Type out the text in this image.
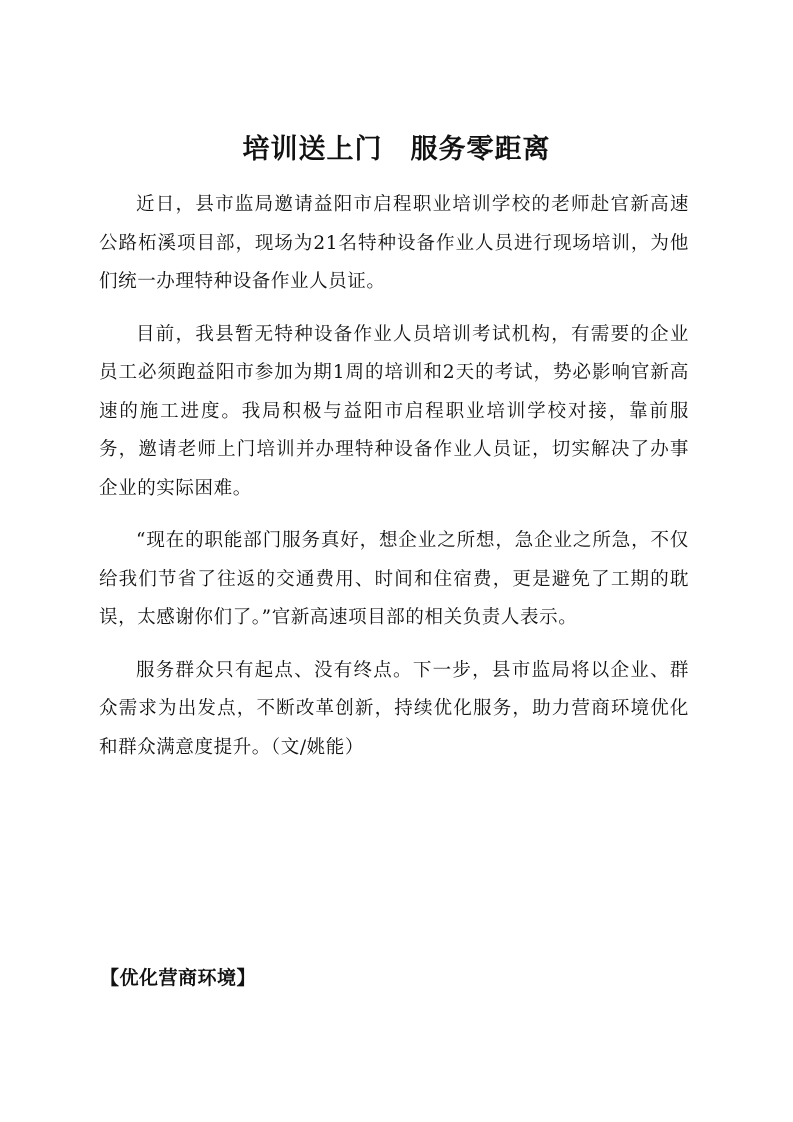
培训送上门　服务零距离

近日，县市监局邀请益阳市启程职业培训学校的老师赴官新高速公路柘溪项目部，现场为21名特种设备作业人员进行现场培训，为他们统一办理特种设备作业人员证。

目前，我县暂无特种设备作业人员培训考试机构，有需要的企业员工必须跑益阳市参加为期1周的培训和2天的考试，势必影响官新高速的施工进度。我局积极与益阳市启程职业培训学校对接，靠前服务，邀请老师上门培训并办理特种设备作业人员证，切实解决了办事企业的实际困难。

“现在的职能部门服务真好，想企业之所想，急企业之所急，不仅给我们节省了往返的交通费用、时间和住宿费，更是避免了工期的耽误，太感谢你们了。”官新高速项目部的相关负责人表示。

服务群众只有起点、没有终点。下一步，县市监局将以企业、群众需求为出发点，不断改革创新，持续优化服务，助力营商环境优化和群众满意度提升。（文/姚能）

【优化营商环境】
